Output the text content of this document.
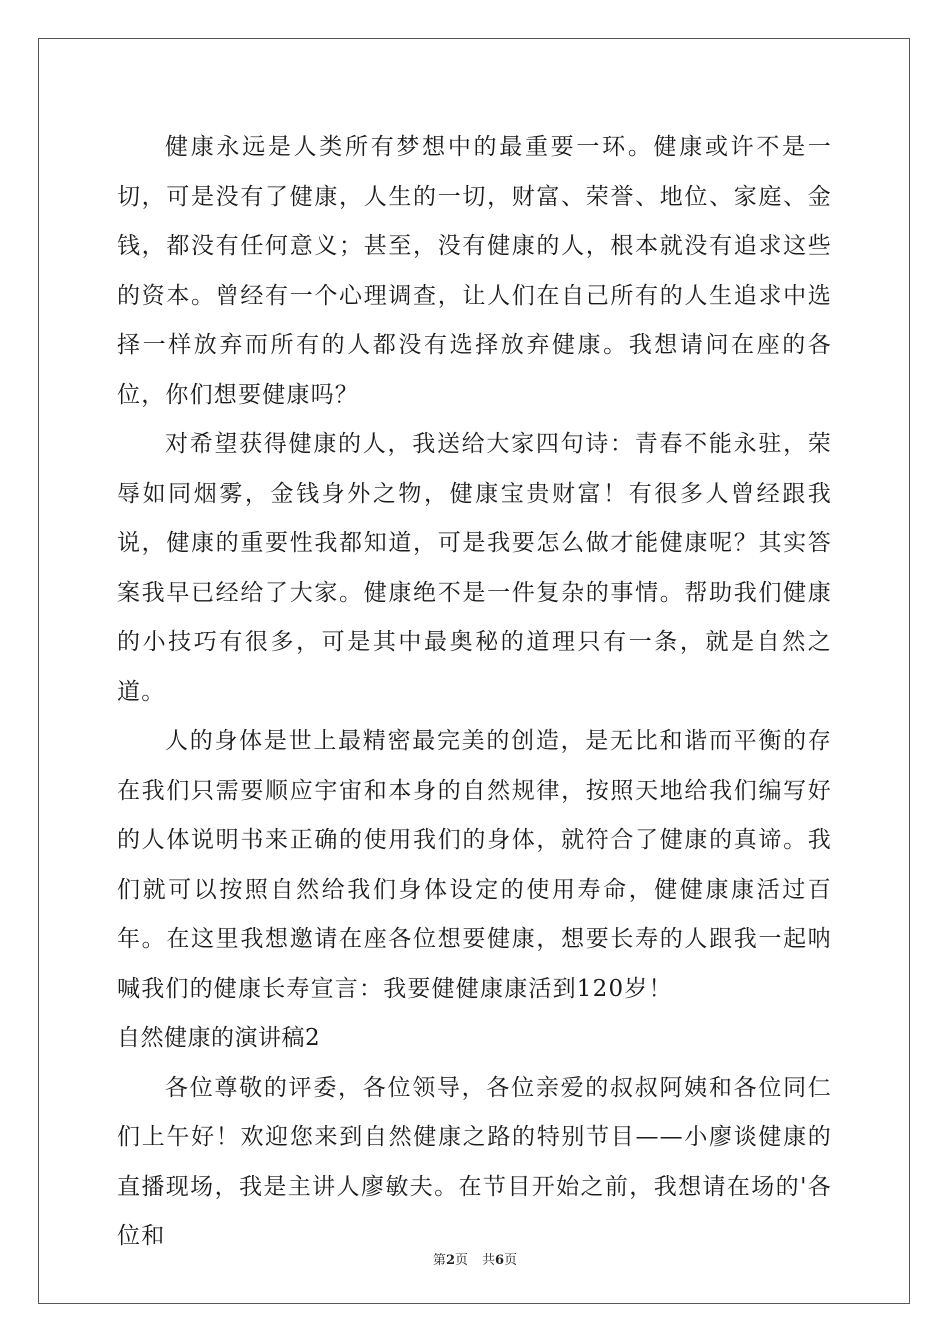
健康永远是人类所有梦想中的最重要一环。健康或许不是一切，可是没有了健康，人生的一切，财富、荣誉、地位、家庭、金钱，都没有任何意义；甚至，没有健康的人，根本就没有追求这些的资本。曾经有一个心理调查，让人们在自己所有的人生追求中选择一样放弃而所有的人都没有选择放弃健康。我想请问在座的各位，你们想要健康吗？

对希望获得健康的人，我送给大家四句诗：青春不能永驻，荣辱如同烟雾，金钱身外之物，健康宝贵财富！有很多人曾经跟我说，健康的重要性我都知道，可是我要怎么做才能健康呢？其实答案我早已经给了大家。健康绝不是一件复杂的事情。帮助我们健康的小技巧有很多，可是其中最奥秘的道理只有一条，就是自然之道。

人的身体是世上最精密最完美的创造，是无比和谐而平衡的存在我们只需要顺应宇宙和本身的自然规律，按照天地给我们编写好的人体说明书来正确的使用我们的身体，就符合了健康的真谛。我们就可以按照自然给我们身体设定的使用寿命，健健康康活过百年。在这里我想邀请在座各位想要健康，想要长寿的人跟我一起呐喊我们的健康长寿宣言：我要健健康康活到120岁！

自然健康的演讲稿2

各位尊敬的评委，各位领导，各位亲爱的叔叔阿姨和各位同仁们上午好！欢迎您来到自然健康之路的特别节目——小廖谈健康的直播现场，我是主讲人廖敏夫。在节目开始之前，我想请在场的'各位和

第2页 共6页
